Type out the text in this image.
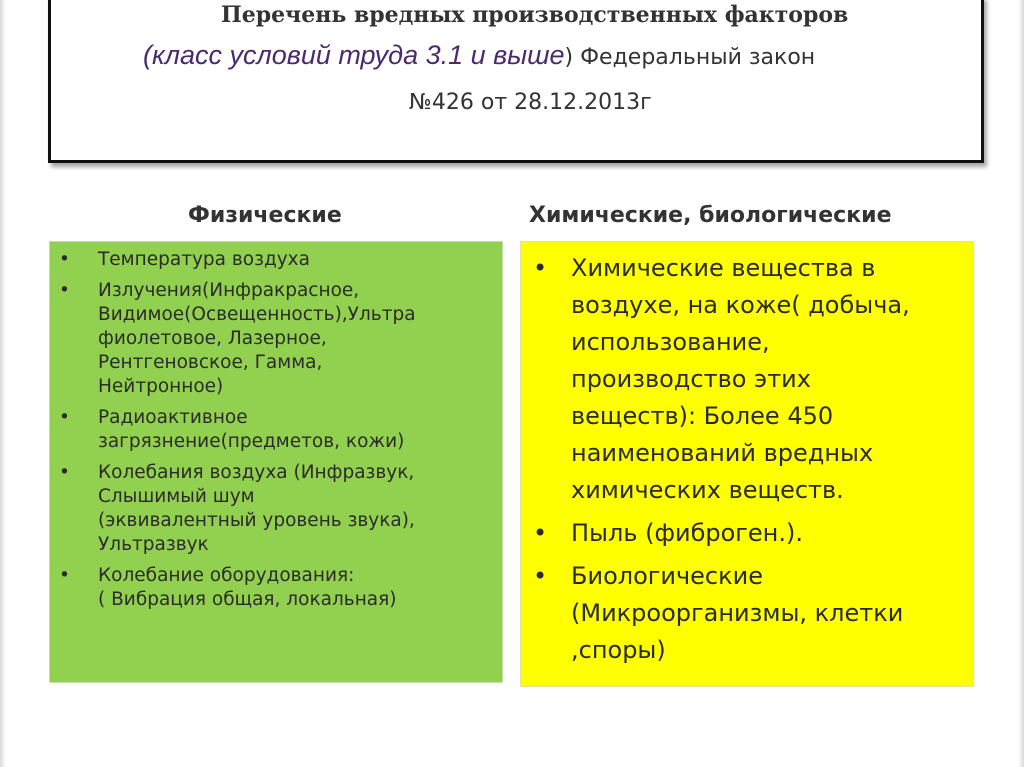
Перечень вредных производственных факторов
(класс условий труда 3.1 и выше) Федеральный закон
№426 от 28.12.2013г
Физические	Химические, биологические
• Температура воздуха
• Излучения(Инфракрасное,
Видимое(Освещенность),Ультра
фиолетовое, Лазерное,
Рентгеновское, Гамма,
Нейтронное)
• Радиоактивное
загрязнение(предметов, кожи)
• Колебания воздуха (Инфразвук,
Слышимый шум
(эквивалентный уровень звука),
Ультразвук
• Колебание оборудования:
( Вибрация общая, локальная)
• Химические вещества в
воздухе, на коже( добыча,
использование,
производство этих
веществ): Более 450
наименований вредных
химических веществ.
• Пыль (фиброген.).
• Биологические
(Микроорганизмы, клетки
,споры)
